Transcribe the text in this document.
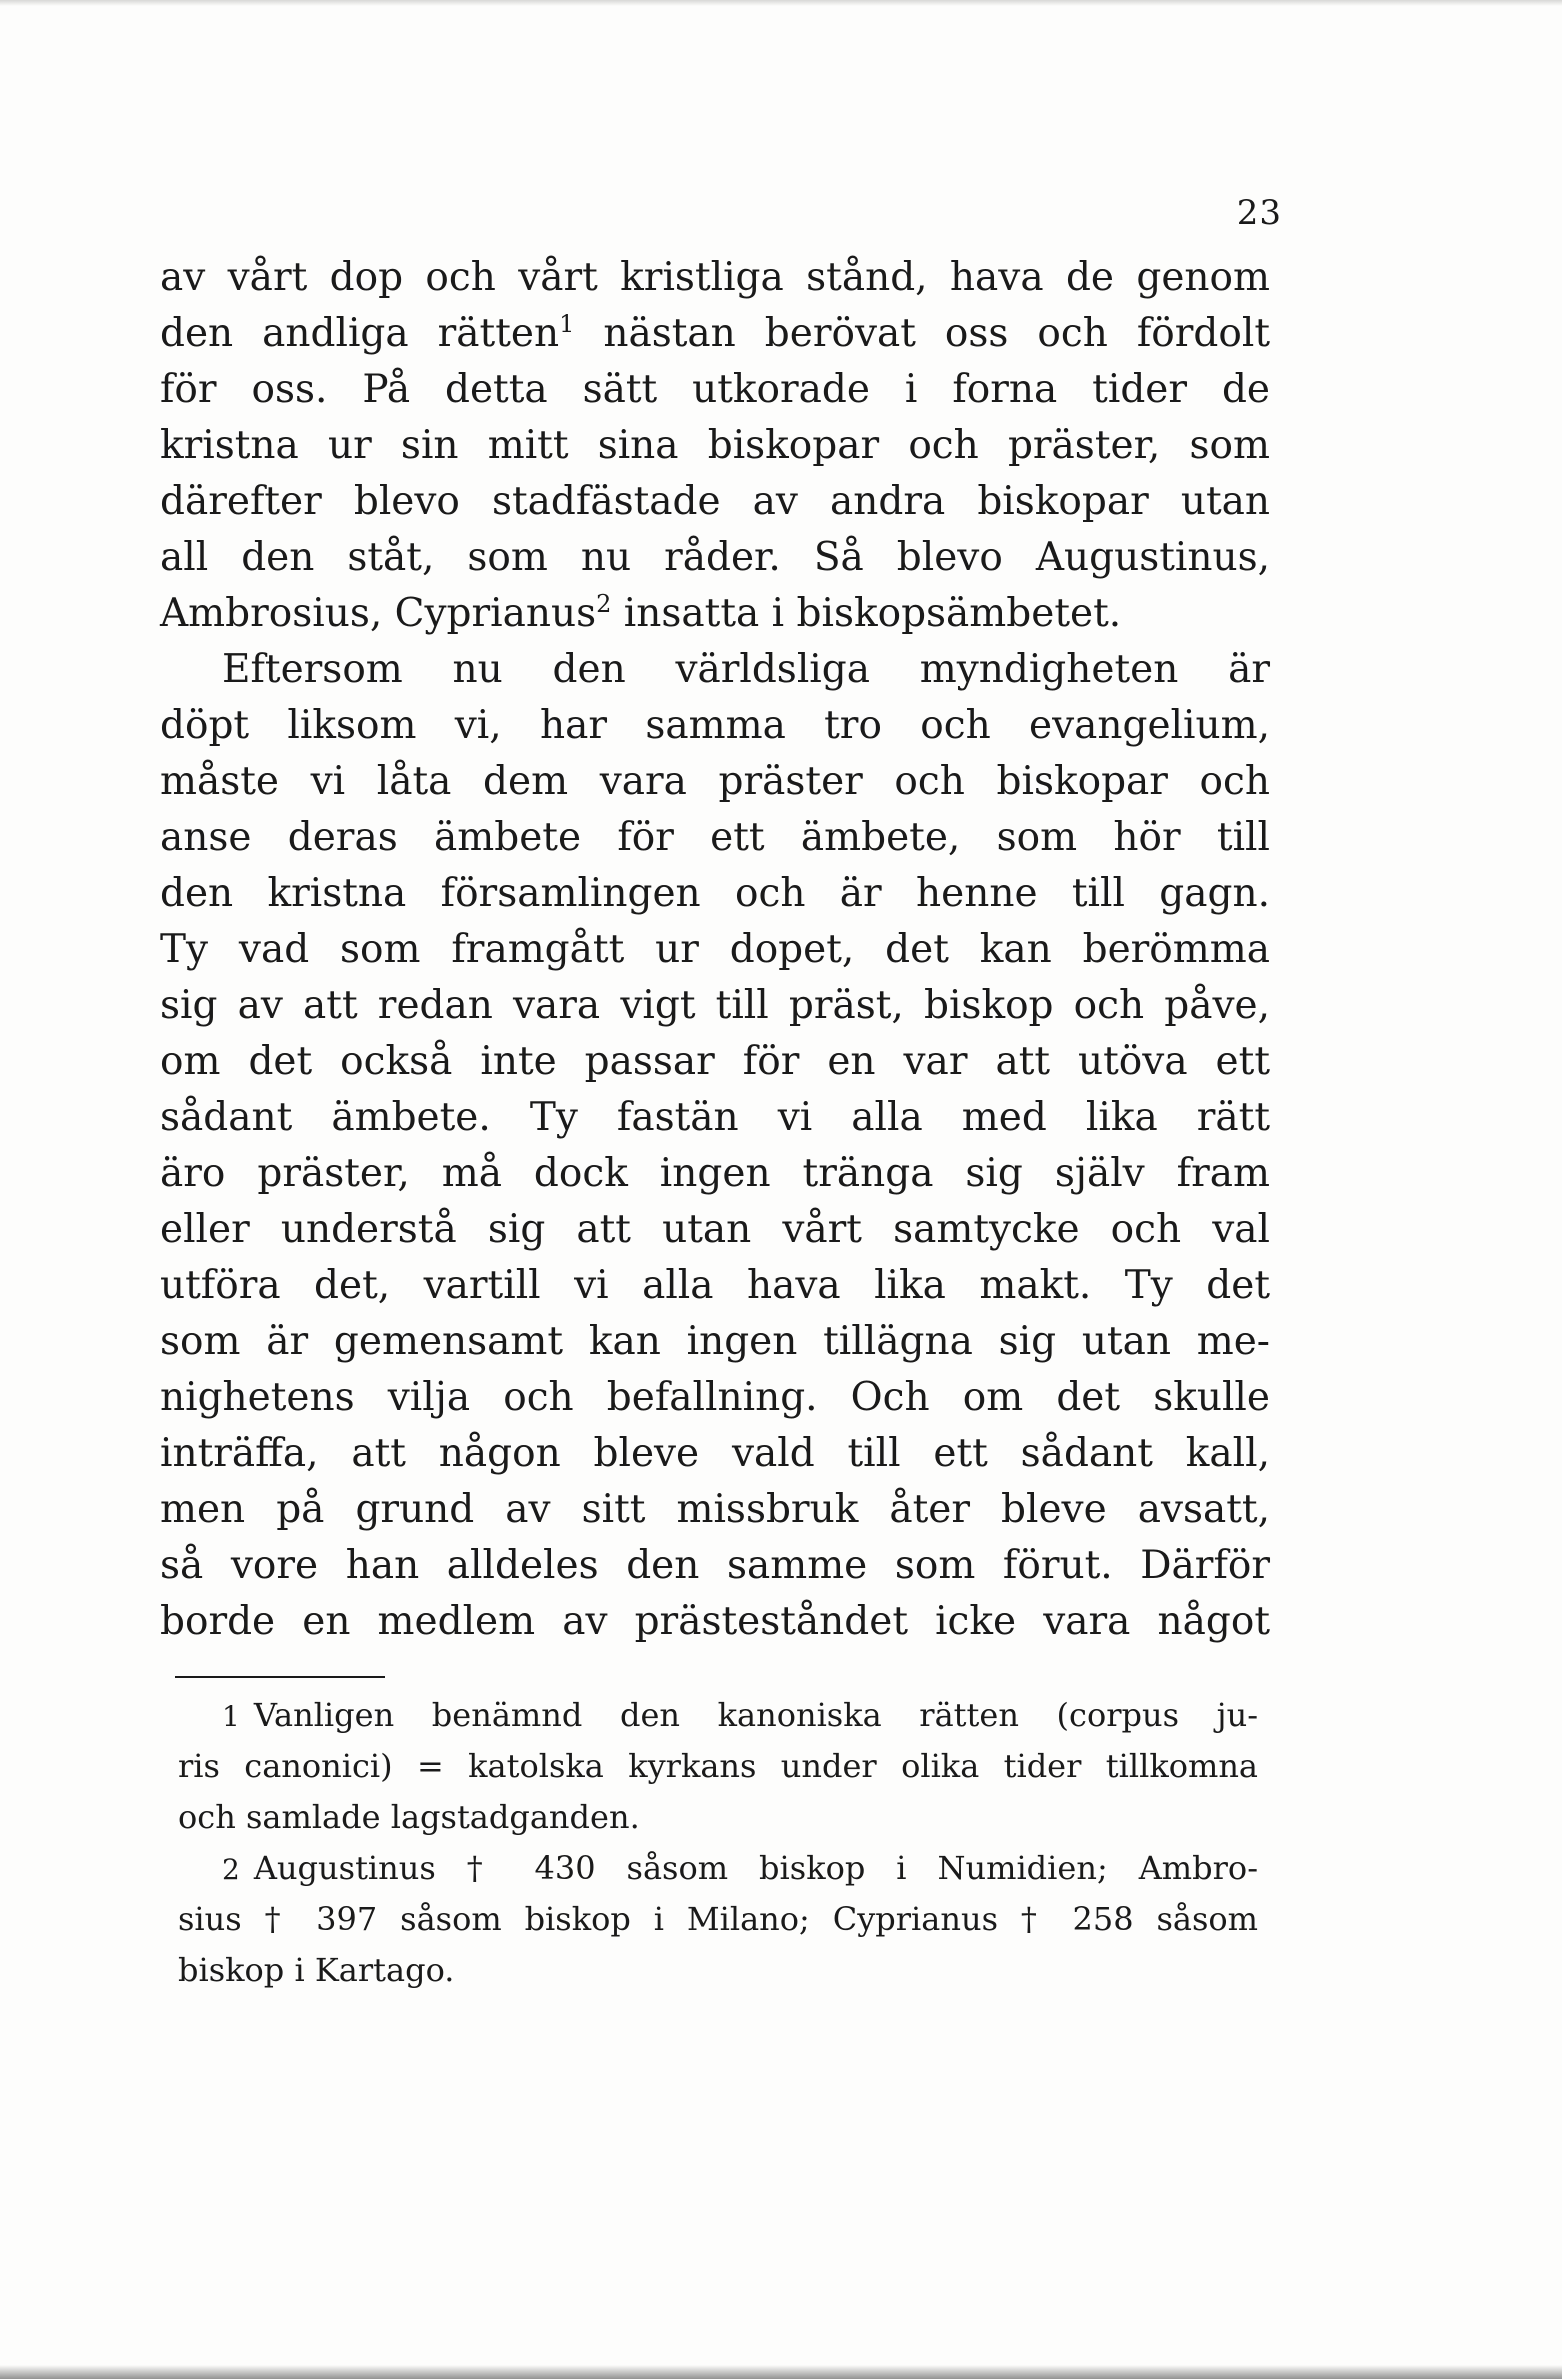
23
av vårt dop och vårt kristliga stånd, hava de genom
den andliga rätten$^1$ nästan berövat oss och fördolt
för oss. På detta sätt utkorade i forna tider de
kristna ur sin mitt sina biskopar och präster, som
därefter blevo stadfästade av andra biskopar utan
all den ståt, som nu råder. Så blevo Augustinus,
Ambrosius, Cyprianus$^2$ insatta i biskopsämbetet.
Eftersom nu den världsliga myndigheten är
döpt liksom vi, har samma tro och evangelium,
måste vi låta dem vara präster och biskopar och
anse deras ämbete för ett ämbete, som hör till
den kristna församlingen och är henne till gagn.
Ty vad som framgått ur dopet, det kan berömma
sig av att redan vara vigt till präst, biskop och påve,
om det också inte passar för en var att utöva ett
sådant ämbete. Ty fastän vi alla med lika rätt
äro präster, må dock ingen tränga sig själv fram
eller understå sig att utan vårt samtycke och val
utföra det, vartill vi alla hava lika makt. Ty det
som är gemensamt kan ingen tillägna sig utan me-
nighetens vilja och befallning. Och om det skulle
inträffa, att någon bleve vald till ett sådant kall,
men på grund av sitt missbruk åter bleve avsatt,
så vore han alldeles den samme som förut. Därför
borde en medlem av prästeståndet icke vara något
1 Vanligen benämnd den kanoniska rätten (corpus ju-
ris canonici) = katolska kyrkans under olika tider tillkomna
och samlade lagstadganden.
2 Augustinus † 430 såsom biskop i Numidien; Ambro-
sius † 397 såsom biskop i Milano; Cyprianus † 258 såsom
biskop i Kartago.
